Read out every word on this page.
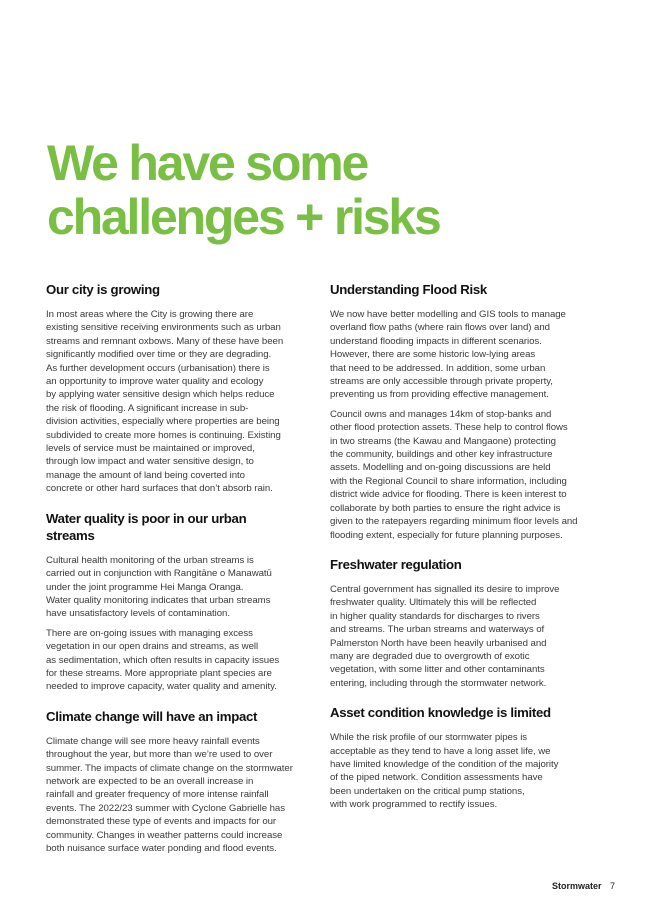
We have some
challenges + risks
Our city is growing

In most areas where the City is growing there are
existing sensitive receiving environments such as urban
streams and remnant oxbows. Many of these have been
significantly modified over time or they are degrading.
As further development occurs (urbanisation) there is
an opportunity to improve water quality and ecology
by applying water sensitive design which helps reduce
the risk of flooding. A significant increase in sub-
division activities, especially where properties are being
subdivided to create more homes is continuing. Existing
levels of service must be maintained or improved,
through low impact and water sensitive design, to
manage the amount of land being coverted into
concrete or other hard surfaces that don’t absorb rain.

Water quality is poor in our urban streams

Cultural health monitoring of the urban streams is
carried out in conjunction with Rangitāne o Manawatū
under the joint programme Hei Manga Oranga.
Water quality monitoring indicates that urban streams
have unsatisfactory levels of contamination.

There are on-going issues with managing excess
vegetation in our open drains and streams, as well
as sedimentation, which often results in capacity issues
for these streams. More appropriate plant species are
needed to improve capacity, water quality and amenity.

Climate change will have an impact

Climate change will see more heavy rainfall events
throughout the year, but more than we’re used to over
summer. The impacts of climate change on the stormwater
network are expected to be an overall increase in
rainfall and greater frequency of more intense rainfall
events. The 2022/23 summer with Cyclone Gabrielle has
demonstrated these type of events and impacts for our
community. Changes in weather patterns could increase
both nuisance surface water ponding and flood events.

Understanding Flood Risk

We now have better modelling and GIS tools to manage
overland flow paths (where rain flows over land) and
understand flooding impacts in different scenarios.
However, there are some historic low-lying areas
that need to be addressed. In addition, some urban
streams are only accessible through private property,
preventing us from providing effective management.

Council owns and manages 14km of stop-banks and
other flood protection assets. These help to control flows
in two streams (the Kawau and Mangaone) protecting
the community, buildings and other key infrastructure
assets. Modelling and on-going discussions are held
with the Regional Council to share information, including
district wide advice for flooding. There is keen interest to
collaborate by both parties to ensure the right advice is
given to the ratepayers regarding minimum floor levels and
flooding extent, especially for future planning purposes.

Freshwater regulation

Central government has signalled its desire to improve
freshwater quality. Ultimately this will be reflected
in higher quality standards for discharges to rivers
and streams. The urban streams and waterways of
Palmerston North have been heavily urbanised and
many are degraded due to overgrowth of exotic
vegetation, with some litter and other contaminants
entering, including through the stormwater network.

Asset condition knowledge is limited

While the risk profile of our stormwater pipes is
acceptable as they tend to have a long asset life, we
have limited knowledge of the condition of the majority
of the piped network. Condition assessments have
been undertaken on the critical pump stations,
with work programmed to rectify issues.

Stormwater 7
